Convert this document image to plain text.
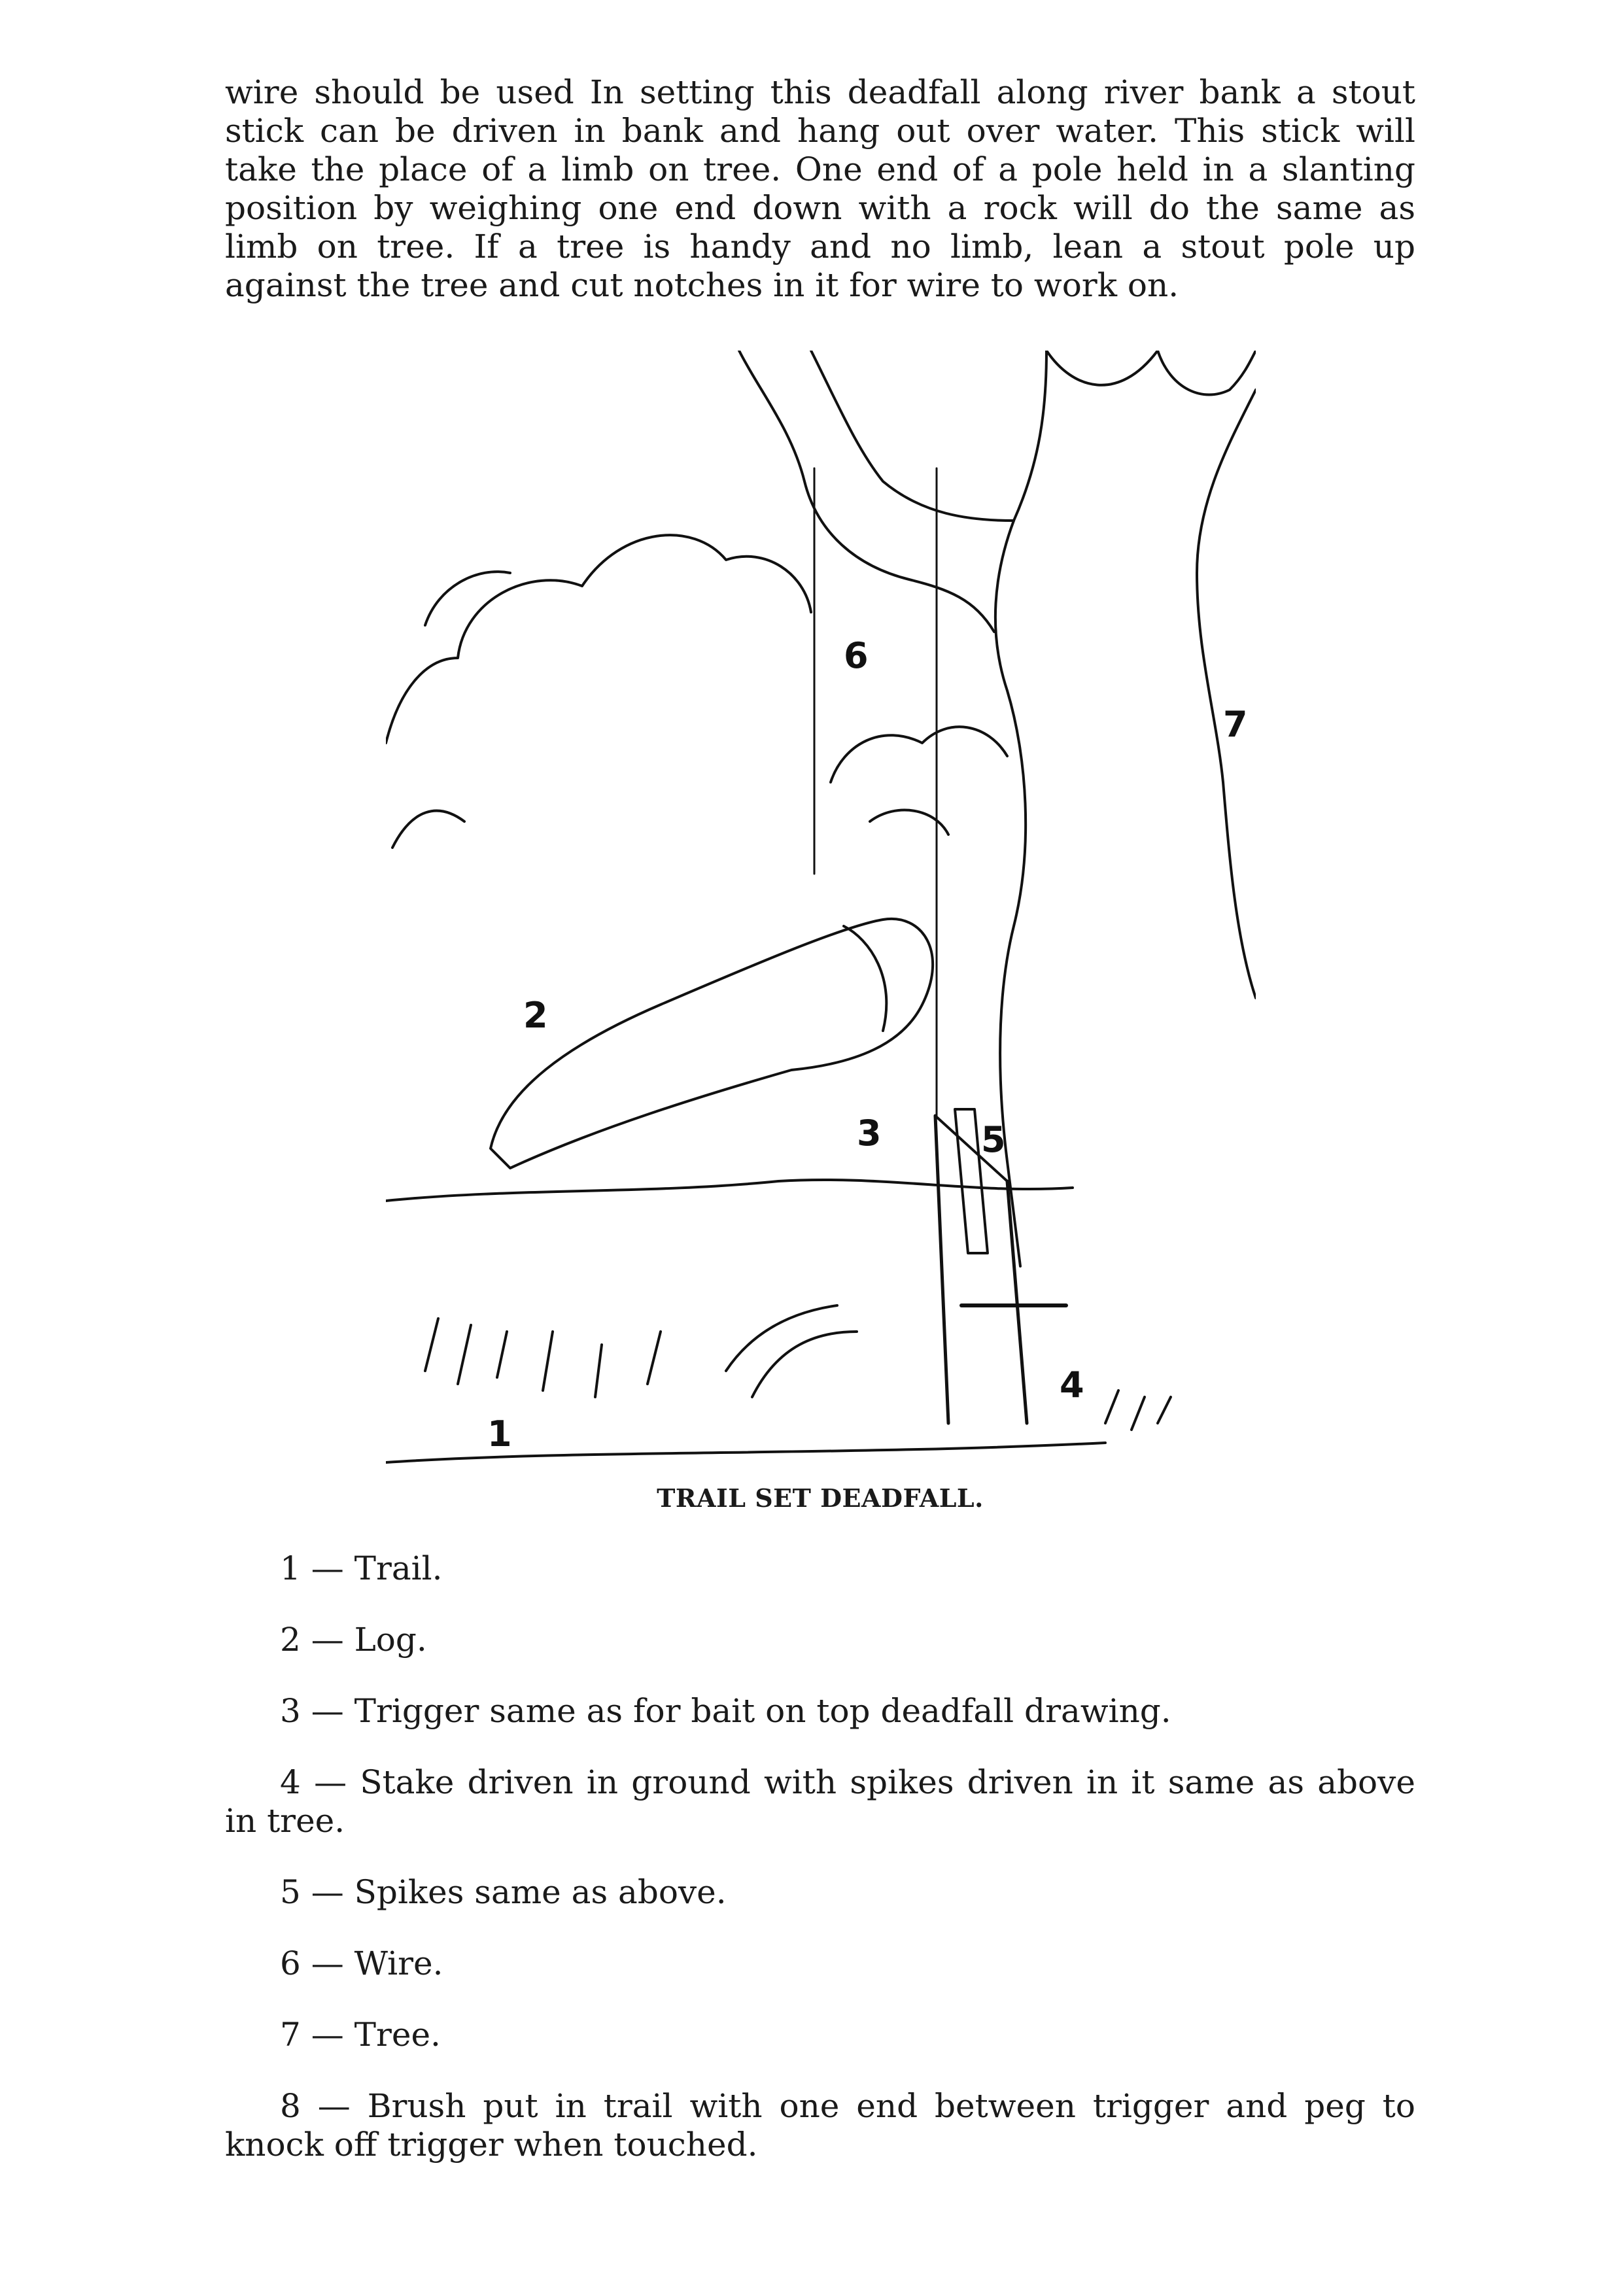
wire should be used In setting this deadfall along river bank a stout stick can be driven in bank and hang out over water. This stick will take the place of a limb on tree. One end of a pole held in a slanting position by weighing one end down with a rock will do the same as limb on tree. If a tree is handy and no limb, lean a stout pole up against the tree and cut notches in it for wire to work on.

6
7
2
3	5
4
1
TRAIL SET DEADFALL.

1 — Trail.

2 — Log.

3 — Trigger same as for bait on top deadfall drawing.

4 — Stake driven in ground with spikes driven in it same as above in tree.

5 — Spikes same as above.

6 — Wire.

7 — Tree.

8 — Brush put in trail with one end between trigger and peg to knock off trigger when touched.
